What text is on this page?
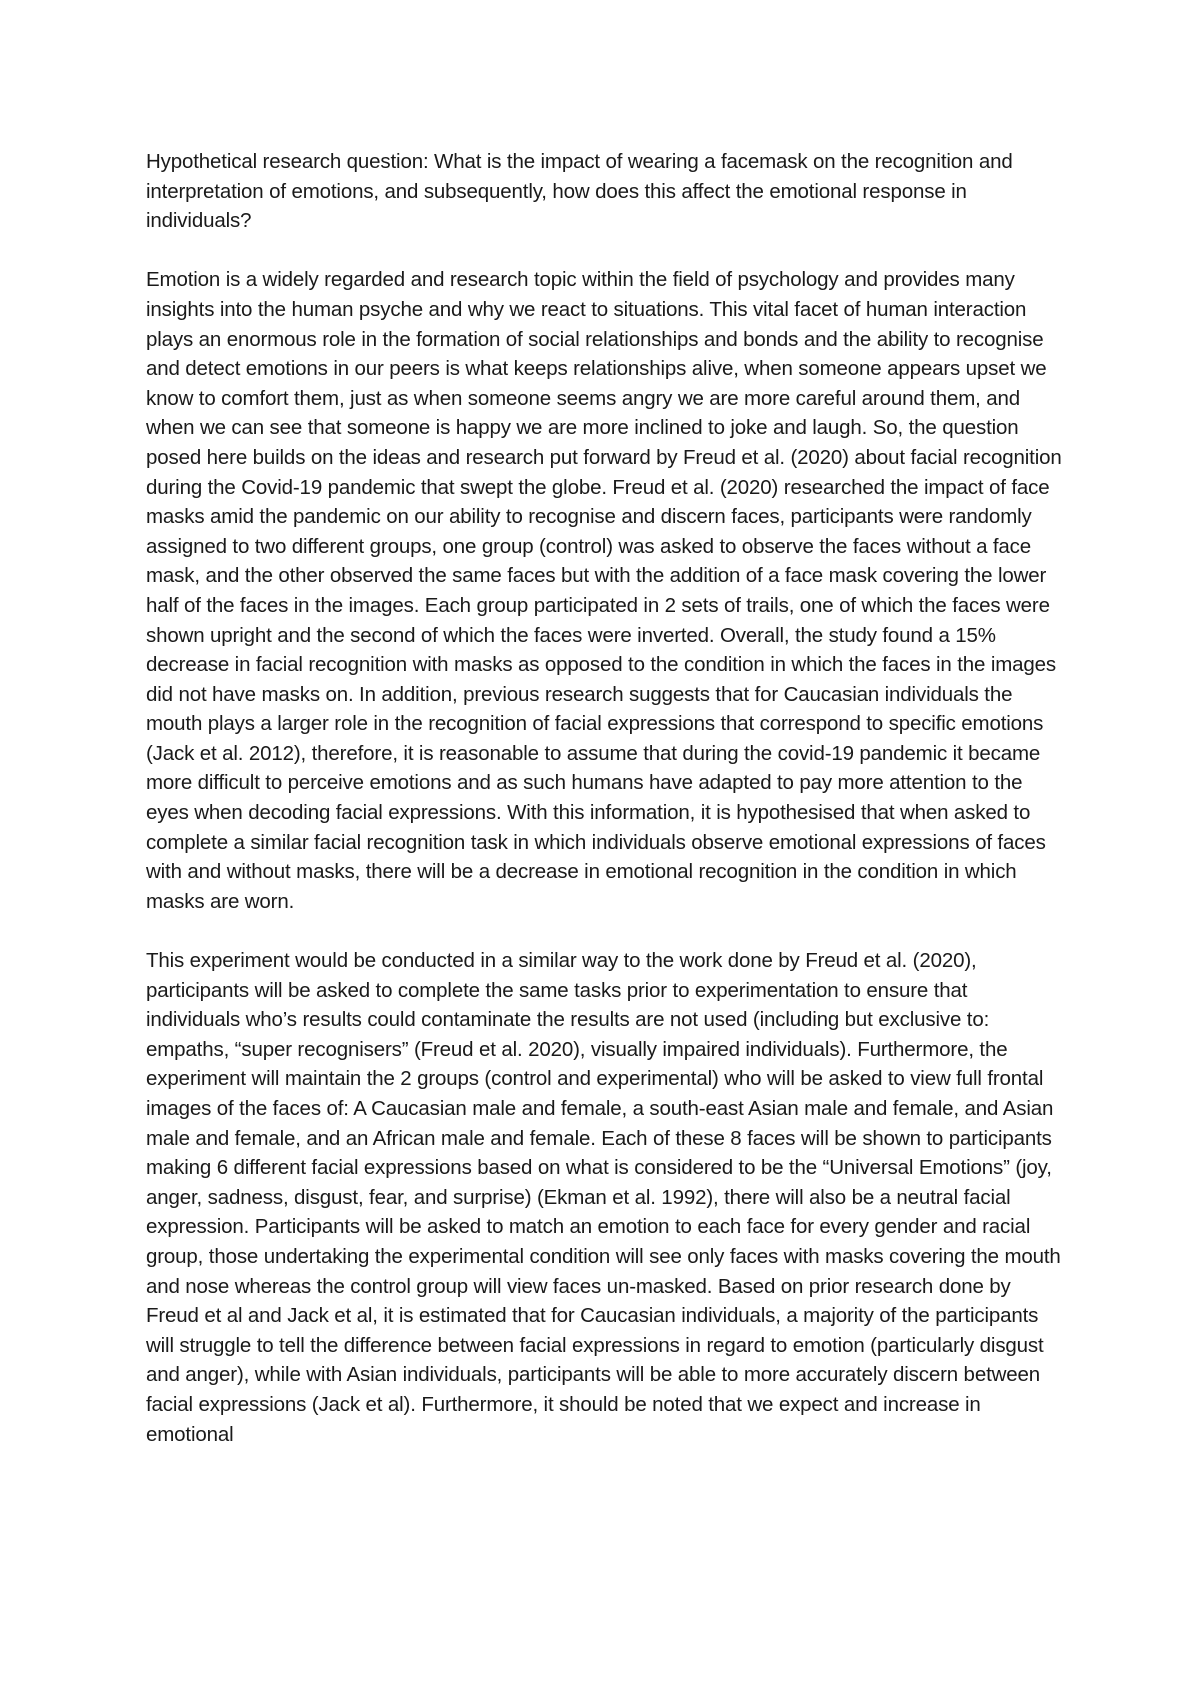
Hypothetical research question: What is the impact of wearing a facemask on the recognition and interpretation of emotions, and subsequently, how does this affect the emotional response in individuals?

Emotion is a widely regarded and research topic within the field of psychology and provides many insights into the human psyche and why we react to situations. This vital facet of human interaction plays an enormous role in the formation of social relationships and bonds and the ability to recognise and detect emotions in our peers is what keeps relationships alive, when someone appears upset we know to comfort them, just as when someone seems angry we are more careful around them, and when we can see that someone is happy we are more inclined to joke and laugh. So, the question posed here builds on the ideas and research put forward by Freud et al. (2020) about facial recognition during the Covid-19 pandemic that swept the globe. Freud et al. (2020) researched the impact of face masks amid the pandemic on our ability to recognise and discern faces, participants were randomly assigned to two different groups, one group (control) was asked to observe the faces without a face mask, and the other observed the same faces but with the addition of a face mask covering the lower half of the faces in the images. Each group participated in 2 sets of trails, one of which the faces were shown upright and the second of which the faces were inverted. Overall, the study found a 15% decrease in facial recognition with masks as opposed to the condition in which the faces in the images did not have masks on. In addition, previous research suggests that for Caucasian individuals the mouth plays a larger role in the recognition of facial expressions that correspond to specific emotions (Jack et al. 2012), therefore, it is reasonable to assume that during the covid-19 pandemic it became more difficult to perceive emotions and as such humans have adapted to pay more attention to the eyes when decoding facial expressions. With this information, it is hypothesised that when asked to complete a similar facial recognition task in which individuals observe emotional expressions of faces with and without masks, there will be a decrease in emotional recognition in the condition in which masks are worn.

This experiment would be conducted in a similar way to the work done by Freud et al. (2020), participants will be asked to complete the same tasks prior to experimentation to ensure that individuals who’s results could contaminate the results are not used (including but exclusive to: empaths, “super recognisers” (Freud et al. 2020), visually impaired individuals). Furthermore, the experiment will maintain the 2 groups (control and experimental) who will be asked to view full frontal images of the faces of: A Caucasian male and female, a south-east Asian male and female, and Asian male and female, and an African male and female. Each of these 8 faces will be shown to participants making 6 different facial expressions based on what is considered to be the “Universal Emotions” (joy, anger, sadness, disgust, fear, and surprise) (Ekman et al. 1992), there will also be a neutral facial expression. Participants will be asked to match an emotion to each face for every gender and racial group, those undertaking the experimental condition will see only faces with masks covering the mouth and nose whereas the control group will view faces un-masked. Based on prior research done by Freud et al and Jack et al, it is estimated that for Caucasian individuals, a majority of the participants will struggle to tell the difference between facial expressions in regard to emotion (particularly disgust and anger), while with Asian individuals, participants will be able to more accurately discern between facial expressions (Jack et al). Furthermore, it should be noted that we expect and increase in emotional
